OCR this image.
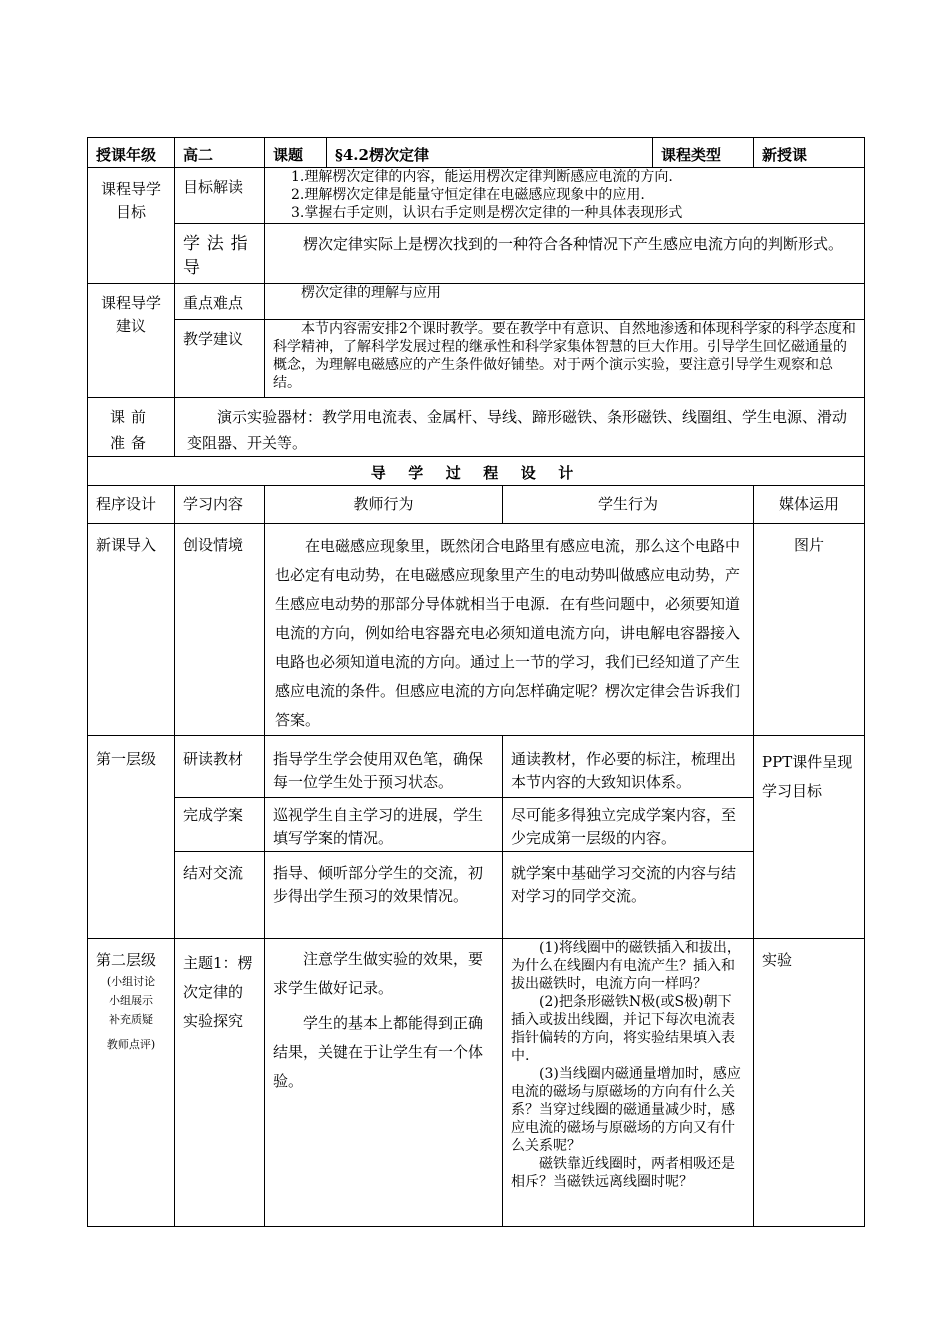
授课年级	高二	课题	§4.2楞次定律		课程类型	新授课
课程导学目标	目标解读	1.理解楞次定律的内容，能运用楞次定律判断感应电流的方向.
2.理解楞次定律是能量守恒定律在电磁感应现象中的应用.
3.掌握右手定则，认识右手定则是楞次定律的一种具体表现形式				

	学法指导	楞次定律实际上是楞次找到的一种符合各种情况下产生感应电流方向的判断形式。				
课程导学建议	重点难点	楞次定律的理解与应用				
	教学建议	本节内容需安排2个课时教学。要在教学中有意识、自然地渗透和体现科学家的科学态度和科学精神，了解科学发展过程的继承性和科学家集体智慧的巨大作用。引导学生回忆磁通量的概念，为理解电磁感应的产生条件做好铺垫。对于两个演示实验，要注意引导学生观察和总结。				
课前准备	演示实验器材：教学用电流表、金属杆、导线、蹄形磁铁、条形磁铁、线圈组、学生电源、滑动变阻器、开关等。					
导学过程设计						
程序设计	学习内容	教师行为		学生行为		媒体运用
新课导入	创设情境	在电磁感应现象里，既然闭合电路里有感应电流，那么这个电路中也必定有电动势，在电磁感应现象里产生的电动势叫做感应电动势，产生感应电动势的那部分导体就相当于电源．在有些问题中，必须要知道电流的方向，例如给电容器充电必须知道电流方向，讲电解电容器接入电路也必须知道电流的方向。通过上一节的学习，我们已经知道了产生感应电流的条件。但感应电流的方向怎样确定呢？楞次定律会告诉我们答案。				图片
第一层级	研读教材	指导学生学会使用双色笔，确保每一位学生处于预习状态。		通读教材，作必要的标注，梳理出本节内容的大致知识体系。		PPT课件呈现学习目标
	完成学案	巡视学生自主学习的进展，学生填写学案的情况。		尽可能多得独立完成学案内容，至少完成第一层级的内容。		
	结对交流	指导、倾听部分学生的交流，初步得出学生预习的效果情况。		就学案中基础学习交流的内容与结对学习的同学交流。		

第二层级
(小组讨论
小组展示
补充质疑
教师点评)	主题1：楞次定律的实验探究	注意学生做实验的效果，要求学生做好记录。
学生的基本上都能得到正确结果，关键在于让学生有一个体验。		(1)将线圈中的磁铁插入和拔出，为什么在线圈内有电流产生？插入和拔出磁铁时，电流方向一样吗？
(2)把条形磁铁N极(或S极)朝下插入或拔出线圈，并记下每次电流表指针偏转的方向，将实验结果填入表中.
(3)当线圈内磁通量增加时，感应电流的磁场与原磁场的方向有什么关系？当穿过线圈的磁通量减少时，感应电流的磁场与原磁场的方向又有什么关系呢？
磁铁靠近线圈时，两者相吸还是相斥？当磁铁远离线圈时呢？		实验
